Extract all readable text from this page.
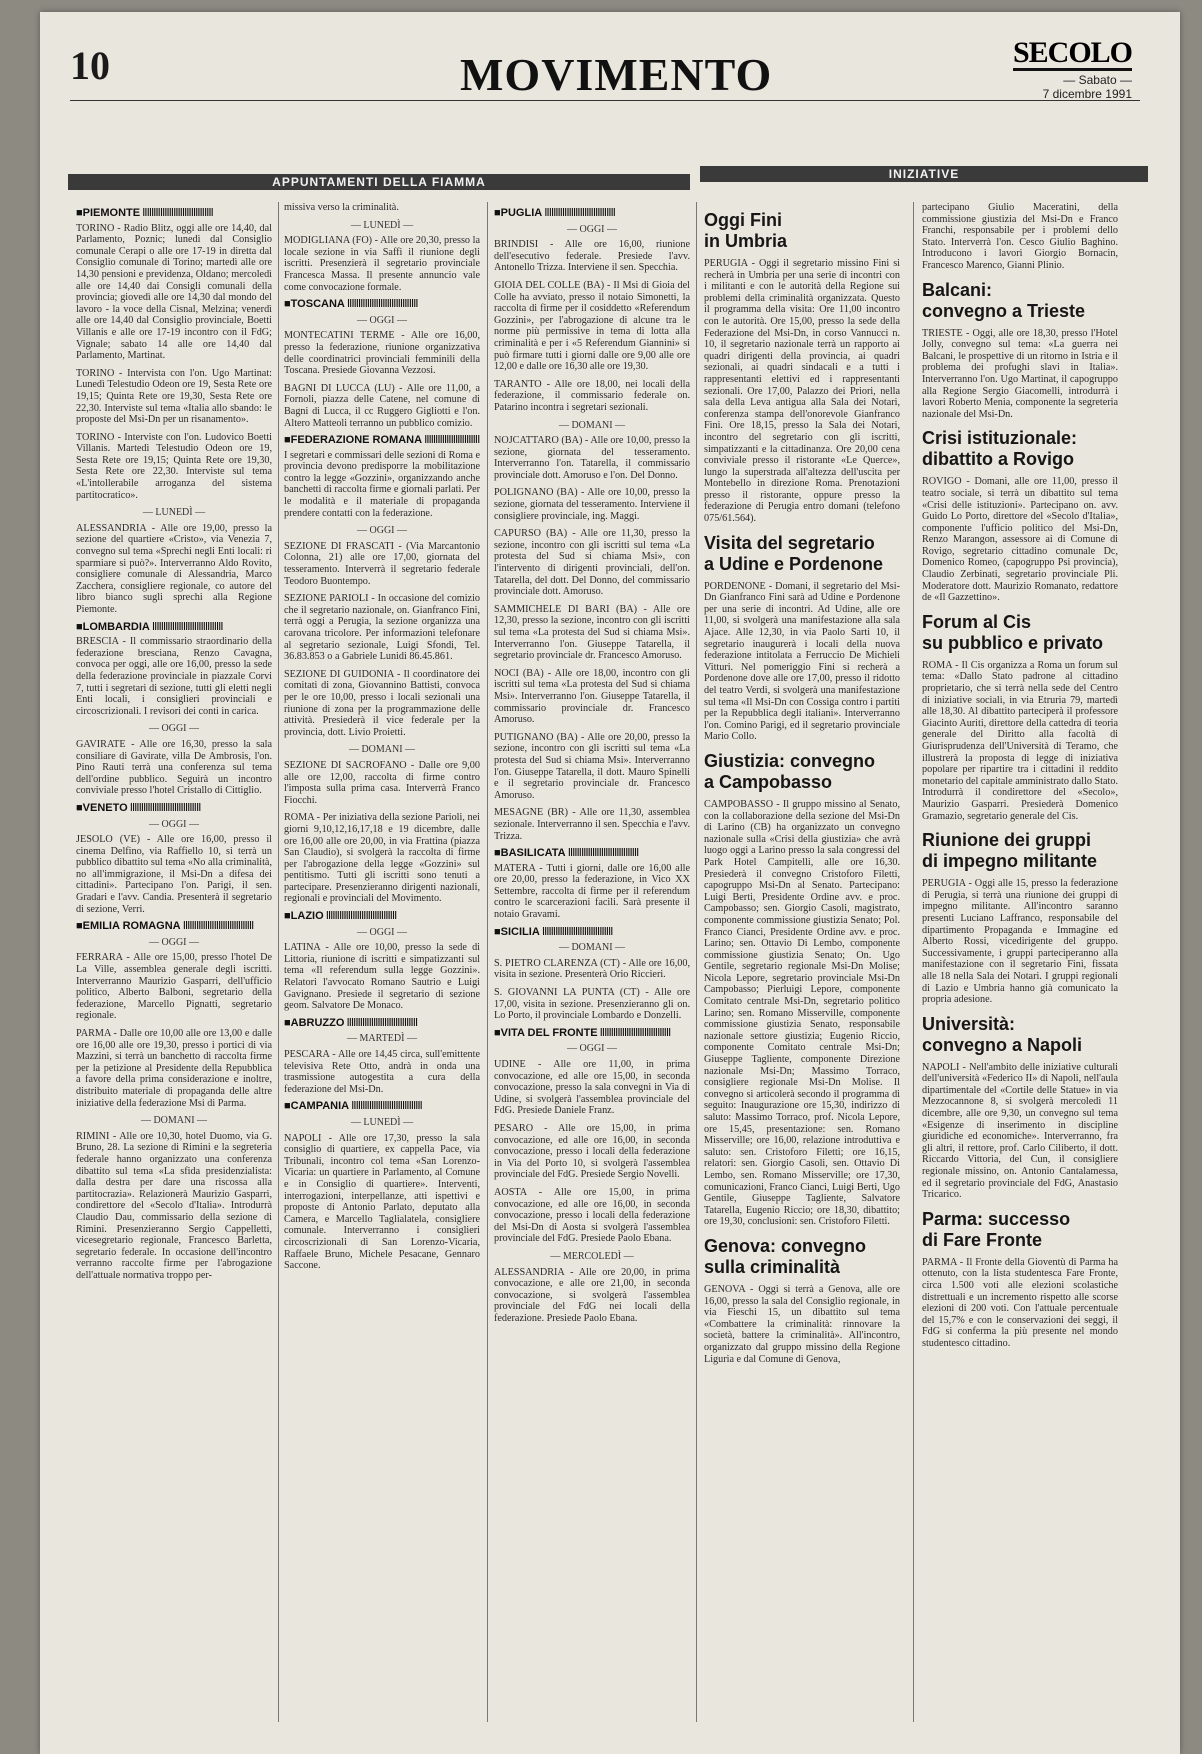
10	MOVIMENTO	SECOLO
— Sabato —
7 dicembre 1991
APPUNTAMENTI DELLA FIAMMA
INIZIATIVE
■ PIEMONTE ⅡⅡⅡⅡⅡⅡⅡⅡⅡⅡⅡⅡⅡⅡⅡⅡ
TORINO - Radio Blitz, oggi alle ore 14,40, dal Parlamento, Poznic; lunedì dal Consiglio comunale Cerapi o alle ore 17-19 in diretta dal Consiglio comunale di Torino; martedì alle ore 14,30 pensioni e previdenza, Oldano; mercoledì alle ore 14,40 dai Consigli comunali della provincia; giovedì alle ore 14,30 dal mondo del lavoro - la voce della Cisnal, Melzina; venerdì alle ore 14,40 dal Consiglio provinciale, Boetti Villanis e alle ore 17-19 incontro con il FdG; Vignale; sabato 14 alle ore 14,40 dal Parlamento, Martinat.
TORINO - Intervista con l'on. Ugo Martinat: Lunedì Telestudio Odeon ore 19, Sesta Rete ore 19,15; Quinta Rete ore 19,30, Sesta Rete ore 22,30. Interviste sul tema «Italia allo sbando: le proposte del Msi-Dn per un risanamento».
TORINO - Interviste con l'on. Ludovico Boetti Villanis. Martedì Telestudio Odeon ore 19, Sesta Rete ore 19,15; Quinta Rete ore 19,30, Sesta Rete ore 22,30. Interviste sul tema «L'intollerabile arroganza del sistema partitocratico».
— LUNEDÌ —
ALESSANDRIA - Alle ore 19,00, presso la sezione del quartiere «Cristo», via Venezia 7, convegno sul tema «Sprechi negli Enti locali: ri sparmiare si può?». Interverranno Aldo Rovito, consigliere comunale di Alessandria, Marco Zacchera, consigliere regionale, co autore del libro bianco sugli sprechi alla Regione Piemonte.
■ LOMBARDIA ⅡⅡⅡⅡⅡⅡⅡⅡⅡⅡⅡⅡⅡⅡⅡⅡ
BRESCIA - Il commissario straordinario della federazione bresciana, Renzo Cavagna, convoca per oggi, alle ore 16,00, presso la sede della federazione provinciale in piazzale Corvi 7, tutti i segretari di sezione, tutti gli eletti negli Enti locali, i consiglieri provinciali e circoscrizionali. I revisori dei conti in carica.
— OGGI —
GAVIRATE - Alle ore 16,30, presso la sala consiliare di Gavirate, villa De Ambrosis, l'on. Pino Rauti terrà una conferenza sul tema dell'ordine pubblico. Seguirà un incontro conviviale presso l'hotel Cristallo di Cittiglio.
■ VENETO ⅡⅡⅡⅡⅡⅡⅡⅡⅡⅡⅡⅡⅡⅡⅡⅡ
— OGGI —
JESOLO (VE) - Alle ore 16,00, presso il cinema Delfino, via Raffiello 10, si terrà un pubblico dibattito sul tema «No alla criminalità, no all'immigrazione, il Msi-Dn a difesa dei cittadini». Partecipano l'on. Parigi, il sen. Gradari e l'avv. Candia. Presenterà il segretario di sezione, Verri.
■ EMILIA ROMAGNA ⅡⅡⅡⅡⅡⅡⅡⅡⅡⅡⅡⅡⅡⅡⅡⅡ
— OGGI —
FERRARA - Alle ore 15,00, presso l'hotel De La Ville, assemblea generale degli iscritti. Interverranno Maurizio Gasparri, dell'ufficio politico, Alberto Balboni, segretario della federazione, Marcello Pignatti, segretario regionale.
PARMA - Dalle ore 10,00 alle ore 13,00 e dalle ore 16,00 alle ore 19,30, presso i portici di via Mazzini, si terrà un banchetto di raccolta firme per la petizione al Presidente della Repubblica a favore della prima considerazione e inoltre, distribuito materiale di propaganda delle altre iniziative della federazione Msi di Parma.
— DOMANI —
RIMINI - Alle ore 10,30, hotel Duomo, via G. Bruno, 28. La sezione di Rimini e la segreteria federale hanno organizzato una conferenza dibattito sul tema «La sfida presidenzialista: dalla destra per dare una riscossa alla partitocrazia». Relazionerà Maurizio Gasparri, condirettore del «Secolo d'Italia». Introdurrà Claudio Dau, commissario della sezione di Rimini. Presenzieranno Sergio Cappelletti, vicesegretario regionale, Francesco Barletta, segretario federale. In occasione dell'incontro verranno raccolte firme per l'abrogazione dell'attuale normativa troppo per-
missiva verso la criminalità.
— LUNEDÌ —
MODIGLIANA (FO) - Alle ore 20,30, presso la locale sezione in via Saffi il riunione degli iscritti. Presenzierà il segretario provinciale Francesca Massa. Il presente annuncio vale come convocazione formale.
■ TOSCANA ⅡⅡⅡⅡⅡⅡⅡⅡⅡⅡⅡⅡⅡⅡⅡⅡ
— OGGI —
MONTECATINI TERME - Alle ore 16,00, presso la federazione, riunione organizzativa delle coordinatrici provinciali femminili della Toscana. Presiede Giovanna Vezzosi.
BAGNI DI LUCCA (LU) - Alle ore 11,00, a Fornoli, piazza delle Catene, nel comune di Bagni di Lucca, il cc Ruggero Gigliotti e l'on. Altero Matteoli terranno un pubblico comizio.
■ FEDERAZIONE ROMANA ⅡⅡⅡⅡⅡⅡⅡⅡⅡⅡⅡⅡⅡⅡⅡⅡ
I segretari e commissari delle sezioni di Roma e provincia devono predisporre la mobilitazione contro la legge «Gozzini», organizzando anche banchetti di raccolta firme e giornali parlati. Per le modalità e il materiale di propaganda prendere contatti con la federazione.
— OGGI —
SEZIONE DI FRASCATI - (Via Marcantonio Colonna, 21) alle ore 17,00, giornata del tesseramento. Interverrà il segretario federale Teodoro Buontempo.
SEZIONE PARIOLI - In occasione del comizio che il segretario nazionale, on. Gianfranco Fini, terrà oggi a Perugia, la sezione organizza una carovana tricolore. Per informazioni telefonare al segretario sezionale, Luigi Sfondi, Tel. 36.83.853 o a Gabriele Lunidi 86.45.861.
SEZIONE DI GUIDONIA - Il coordinatore dei comitati di zona, Giovannino Battisti, convoca per le ore 10,00, presso i locali sezionali una riunione di zona per la programmazione delle attività. Presiederà il vice federale per la provincia, dott. Livio Proietti.
— DOMANI —
SEZIONE DI SACROFANO - Dalle ore 9,00 alle ore 12,00, raccolta di firme contro l'imposta sulla prima casa. Interverrà Franco Fiocchi.
ROMA - Per iniziativa della sezione Parioli, nei giorni 9,10,12,16,17,18 e 19 dicembre, dalle ore 16,00 alle ore 20,00, in via Frattina (piazza San Claudio), si svolgerà la raccolta di firme per l'abrogazione della legge «Gozzini» sul pentitismo. Tutti gli iscritti sono tenuti a partecipare. Presenzieranno dirigenti nazionali, regionali e provinciali del Movimento.
■ LAZIO ⅡⅡⅡⅡⅡⅡⅡⅡⅡⅡⅡⅡⅡⅡⅡⅡ
— OGGI —
LATINA - Alle ore 10,00, presso la sede di Littoria, riunione di iscritti e simpatizzanti sul tema «Il referendum sulla legge Gozzini». Relatori l'avvocato Romano Sautrio e Luigi Gavignano. Presiede il segretario di sezione geom. Salvatore De Monaco.
■ ABRUZZO ⅡⅡⅡⅡⅡⅡⅡⅡⅡⅡⅡⅡⅡⅡⅡⅡ
— MARTEDÌ —
PESCARA - Alle ore 14,45 circa, sull'emittente televisiva Rete Otto, andrà in onda una trasmissione autogestita a cura della federazione del Msi-Dn.
■ CAMPANIA ⅡⅡⅡⅡⅡⅡⅡⅡⅡⅡⅡⅡⅡⅡⅡⅡ
— LUNEDÌ —
NAPOLI - Alle ore 17,30, presso la sala consiglio di quartiere, ex cappella Pace, via Tribunali, incontro col tema «San Lorenzo-Vicaria: un quartiere in Parlamento, al Comune e in Consiglio di quartiere». Interventi, interrogazioni, interpellanze, atti ispettivi e proposte di Antonio Parlato, deputato alla Camera, e Marcello Taglialatela, consigliere comunale. Interverranno i consiglieri circoscrizionali di San Lorenzo-Vicaria, Raffaele Bruno, Michele Pesacane, Gennaro Saccone.
■ PUGLIA ⅡⅡⅡⅡⅡⅡⅡⅡⅡⅡⅡⅡⅡⅡⅡⅡ
— OGGI —
BRINDISI - Alle ore 16,00, riunione dell'esecutivo federale. Presiede l'avv. Antonello Trizza. Interviene il sen. Specchia.
GIOIA DEL COLLE (BA) - Il Msi di Gioia del Colle ha avviato, presso il notaio Simonetti, la raccolta di firme per il cosiddetto «Referendum Gozzini», per l'abrogazione di alcune tra le norme più permissive in tema di lotta alla criminalità e per i «5 Referendum Giannini» si può firmare tutti i giorni dalle ore 9,00 alle ore 12,00 e dalle ore 16,30 alle ore 19,30.
TARANTO - Alle ore 18,00, nei locali della federazione, il commissario federale on. Patarino incontra i segretari sezionali.
— DOMANI —
NOJCATTARO (BA) - Alle ore 10,00, presso la sezione, giornata del tesseramento. Interverranno l'on. Tatarella, il commissario provinciale dott. Amoruso e l'on. Del Donno.
POLIGNANO (BA) - Alle ore 10,00, presso la sezione, giornata del tesseramento. Interviene il consigliere provinciale, ing. Maggi.
CAPURSO (BA) - Alle ore 11,30, presso la sezione, incontro con gli iscritti sul tema «La protesta del Sud si chiama Msi», con l'intervento di dirigenti provinciali, dell'on. Tatarella, del dott. Del Donno, del commissario provinciale dott. Amoruso.
SAMMICHELE DI BARI (BA) - Alle ore 12,30, presso la sezione, incontro con gli iscritti sul tema «La protesta del Sud si chiama Msi». Interverranno l'on. Giuseppe Tatarella, il segretario provinciale dr. Francesco Amoruso.
NOCI (BA) - Alle ore 18,00, incontro con gli iscritti sul tema «La protesta del Sud si chiama Msi». Interverranno l'on. Giuseppe Tatarella, il commissario provinciale dr. Francesco Amoruso.
PUTIGNANO (BA) - Alle ore 20,00, presso la sezione, incontro con gli iscritti sul tema «La protesta del Sud si chiama Msi». Interverranno l'on. Giuseppe Tatarella, il dott. Mauro Spinelli e il segretario provinciale dr. Francesco Amoruso.
MESAGNE (BR) - Alle ore 11,30, assemblea sezionale. Interverranno il sen. Specchia e l'avv. Trizza.
■ BASILICATA ⅡⅡⅡⅡⅡⅡⅡⅡⅡⅡⅡⅡⅡⅡⅡⅡ
MATERA - Tutti i giorni, dalle ore 16,00 alle ore 20,00, presso la federazione, in Vico XX Settembre, raccolta di firme per il referendum contro le scarcerazioni facili. Sarà presente il notaio Gravami.
■ SICILIA ⅡⅡⅡⅡⅡⅡⅡⅡⅡⅡⅡⅡⅡⅡⅡⅡ
— DOMANI —
S. PIETRO CLARENZA (CT) - Alle ore 16,00, visita in sezione. Presenterà Orio Riccieri.
S. GIOVANNI LA PUNTA (CT) - Alle ore 17,00, visita in sezione. Presenzieranno gli on. Lo Porto, il provinciale Lombardo e Donzelli.
■ VITA DEL FRONTE ⅡⅡⅡⅡⅡⅡⅡⅡⅡⅡⅡⅡⅡⅡⅡⅡ
— OGGI —
UDINE - Alle ore 11,00, in prima convocazione, ed alle ore 15,00, in seconda convocazione, presso la sala convegni in Via di Udine, si svolgerà l'assemblea provinciale del FdG. Presiede Daniele Franz.
PESARO - Alle ore 15,00, in prima convocazione, ed alle ore 16,00, in seconda convocazione, presso i locali della federazione in Via del Porto 10, si svolgerà l'assemblea provinciale del FdG. Presiede Sergio Novelli.
AOSTA - Alle ore 15,00, in prima convocazione, ed alle ore 16,00, in seconda convocazione, presso i locali della federazione del Msi-Dn di Aosta si svolgerà l'assemblea provinciale del FdG. Presiede Paolo Ebana.
— MERCOLEDÌ —
ALESSANDRIA - Alle ore 20,00, in prima convocazione, e alle ore 21,00, in seconda convocazione, si svolgerà l'assemblea provinciale del FdG nei locali della federazione. Presiede Paolo Ebana.
Oggi Fini
in Umbria
PERUGIA - Oggi il segretario missino Fini si recherà in Umbria per una serie di incontri con i militanti e con le autorità della Regione sui problemi della criminalità organizzata. Questo il programma della visita: Ore 11,00 incontro con le autorità. Ore 15,00, presso la sede della Federazione del Msi-Dn, in corso Vannucci n. 10, il segretario nazionale terrà un rapporto ai quadri dirigenti della provincia, ai quadri sezionali, ai quadri sindacali e a tutti i rappresentanti elettivi ed i rappresentanti sezionali. Ore 17,00, Palazzo dei Priori, nella sala della Leva antigua alla Sala dei Notari, conferenza stampa dell'onorevole Gianfranco Fini. Ore 18,15, presso la Sala dei Notari, incontro del segretario con gli iscritti, simpatizzanti e la cittadinanza. Ore 20,00 cena conviviale presso il ristorante «Le Querce», lungo la superstrada all'altezza dell'uscita per Montebello in direzione Roma. Prenotazioni presso il ristorante, oppure presso la federazione di Perugia entro domani (telefono 075/61.564).
Visita del segretario
a Udine e Pordenone
PORDENONE - Domani, il segretario del Msi-Dn Gianfranco Fini sarà ad Udine e Pordenone per una serie di incontri. Ad Udine, alle ore 11,00, si svolgerà una manifestazione alla sala Ajace. Alle 12,30, in via Paolo Sarti 10, il segretario inaugurerà i locali della nuova federazione intitolata a Ferruccio De Michieli Vitturi. Nel pomeriggio Fini si recherà a Pordenone dove alle ore 17,00, presso il ridotto del teatro Verdi, si svolgerà una manifestazione sul tema «Il Msi-Dn con Cossiga contro i partiti per la Repubblica degli italiani». Interverranno l'on. Comino Parigi, ed il segretario provinciale Mario Collo.
Giustizia: convegno
a Campobasso
CAMPOBASSO - Il gruppo missino al Senato, con la collaborazione della sezione del Msi-Dn di Larino (CB) ha organizzato un convegno nazionale sulla «Crisi della giustizia» che avrà luogo oggi a Larino presso la sala congressi del Park Hotel Campitelli, alle ore 16,30. Presiederà il convegno Cristoforo Filetti, capogruppo Msi-Dn al Senato. Partecipano: Luigi Berti, Presidente Ordine avv. e proc. Campobasso; sen. Giorgio Casoli, magistrato, componente commissione giustizia Senato; Pol. Franco Cianci, Presidente Ordine avv. e proc. Larino; sen. Ottavio Di Lembo, componente commissione giustizia Senato; On. Ugo Gentile, segretario regionale Msi-Dn Molise; Nicola Lepore, segretario provinciale Msi-Dn Campobasso; Pierluigi Lepore, componente Comitato centrale Msi-Dn, segretario politico Larino; sen. Romano Misserville, componente commissione giustizia Senato, responsabile nazionale settore giustizia; Eugenio Riccio, componente Comitato centrale Msi-Dn; Giuseppe Tagliente, componente Direzione nazionale Msi-Dn; Massimo Torraco, consigliere regionale Msi-Dn Molise. Il convegno si articolerà secondo il programma di seguito: Inaugurazione ore 15,30, indirizzo di saluto: Massimo Torraco, prof. Nicola Lepore, ore 15,45, presentazione: sen. Romano Misserville; ore 16,00, relazione introduttiva e saluto: sen. Cristoforo Filetti; ore 16,15, relatori: sen. Giorgio Casoli, sen. Ottavio Di Lembo, sen. Romano Misserville; ore 17,30, comunicazioni, Franco Cianci, Luigi Berti, Ugo Gentile, Giuseppe Tagliente, Salvatore Tatarella, Eugenio Riccio; ore 18,30, dibattito; ore 19,30, conclusioni: sen. Cristoforo Filetti.
Genova: convegno
sulla criminalità
GENOVA - Oggi si terrà a Genova, alle ore 16,00, presso la sala del Consiglio regionale, in via Fieschi 15, un dibattito sul tema «Combattere la criminalità: rinnovare la società, battere la criminalità». All'incontro, organizzato dal gruppo missino della Regione Liguria e dal Comune di Genova,
partecipano Giulio Maceratini, della commissione giustizia del Msi-Dn e Franco Franchi, responsabile per i problemi dello Stato. Interverrà l'on. Cesco Giulio Baghino. Introducono i lavori Giorgio Bornacin, Francesco Marenco, Gianni Plinio.
Balcani:
convegno a Trieste
TRIESTE - Oggi, alle ore 18,30, presso l'Hotel Jolly, convegno sul tema: «La guerra nei Balcani, le prospettive di un ritorno in Istria e il problema dei profughi slavi in Italia». Interverranno l'on. Ugo Martinat, il capogruppo alla Regione Sergio Giacomelli, introdurrà i lavori Roberto Menia, componente la segreteria nazionale del Msi-Dn.
Crisi istituzionale:
dibattito a Rovigo
ROVIGO - Domani, alle ore 11,00, presso il teatro sociale, si terrà un dibattito sul tema «Crisi delle istituzioni». Partecipano on. avv. Guido Lo Porto, direttore del «Secolo d'Italia», componente l'ufficio politico del Msi-Dn, Renzo Marangon, assessore ai di Comune di Rovigo, segretario cittadino comunale Dc, Domenico Romeo, (capogruppo Psi provincia), Claudio Zerbinati, segretario provinciale Pli. Moderatore dott. Maurizio Romanato, redattore de «Il Gazzettino».
Forum al Cis
su pubblico e privato
ROMA - Il Cis organizza a Roma un forum sul tema: «Dallo Stato padrone al cittadino proprietario, che si terrà nella sede del Centro di iniziative sociali, in via Etruria 79, martedì alle 18,30. Al dibattito parteciperà il professore Giacinto Auriti, direttore della cattedra di teoria generale del Diritto alla facoltà di Giurisprudenza dell'Università di Teramo, che illustrerà la proposta di legge di iniziativa popolare per ripartire tra i cittadini il reddito monetario del capitale amministrato dallo Stato. Introdurrà il condirettore del «Secolo», Maurizio Gasparri. Presiederà Domenico Gramazio, segretario generale del Cis.
Riunione dei gruppi
di impegno militante
PERUGIA - Oggi alle 15, presso la federazione di Perugia, si terrà una riunione dei gruppi di impegno militante. All'incontro saranno presenti Luciano Laffranco, responsabile del dipartimento Propaganda e Immagine ed Alberto Rossi, vicedirigente del gruppo. Successivamente, i gruppi parteciperanno alla manifestazione con il segretario Fini, fissata alle 18 nella Sala dei Notari. I gruppi regionali di Lazio e Umbria hanno già comunicato la propria adesione.
Università:
convegno a Napoli
NAPOLI - Nell'ambito delle iniziative culturali dell'università «Federico II» di Napoli, nell'aula dipartimentale del «Cortile delle Statue» in via Mezzocannone 8, si svolgerà mercoledì 11 dicembre, alle ore 9,30, un convegno sul tema «Esigenze di inserimento in discipline giuridiche ed economiche». Interverranno, fra gli altri, il rettore, prof. Carlo Ciliberto, il dott. Riccardo Vittoria, del Cun, il consigliere regionale missino, on. Antonio Cantalamessa, ed il segretario provinciale del FdG, Anastasio Tricarico.
Parma: successo
di Fare Fronte
PARMA - Il Fronte della Gioventù di Parma ha ottenuto, con la lista studentesca Fare Fronte, circa 1.500 voti alle elezioni scolastiche distrettuali e un incremento rispetto alle scorse elezioni di 200 voti. Con l'attuale percentuale del 15,7% e con le conservazioni dei seggi, il FdG si conferma la più presente nel mondo studentesco cittadino.
